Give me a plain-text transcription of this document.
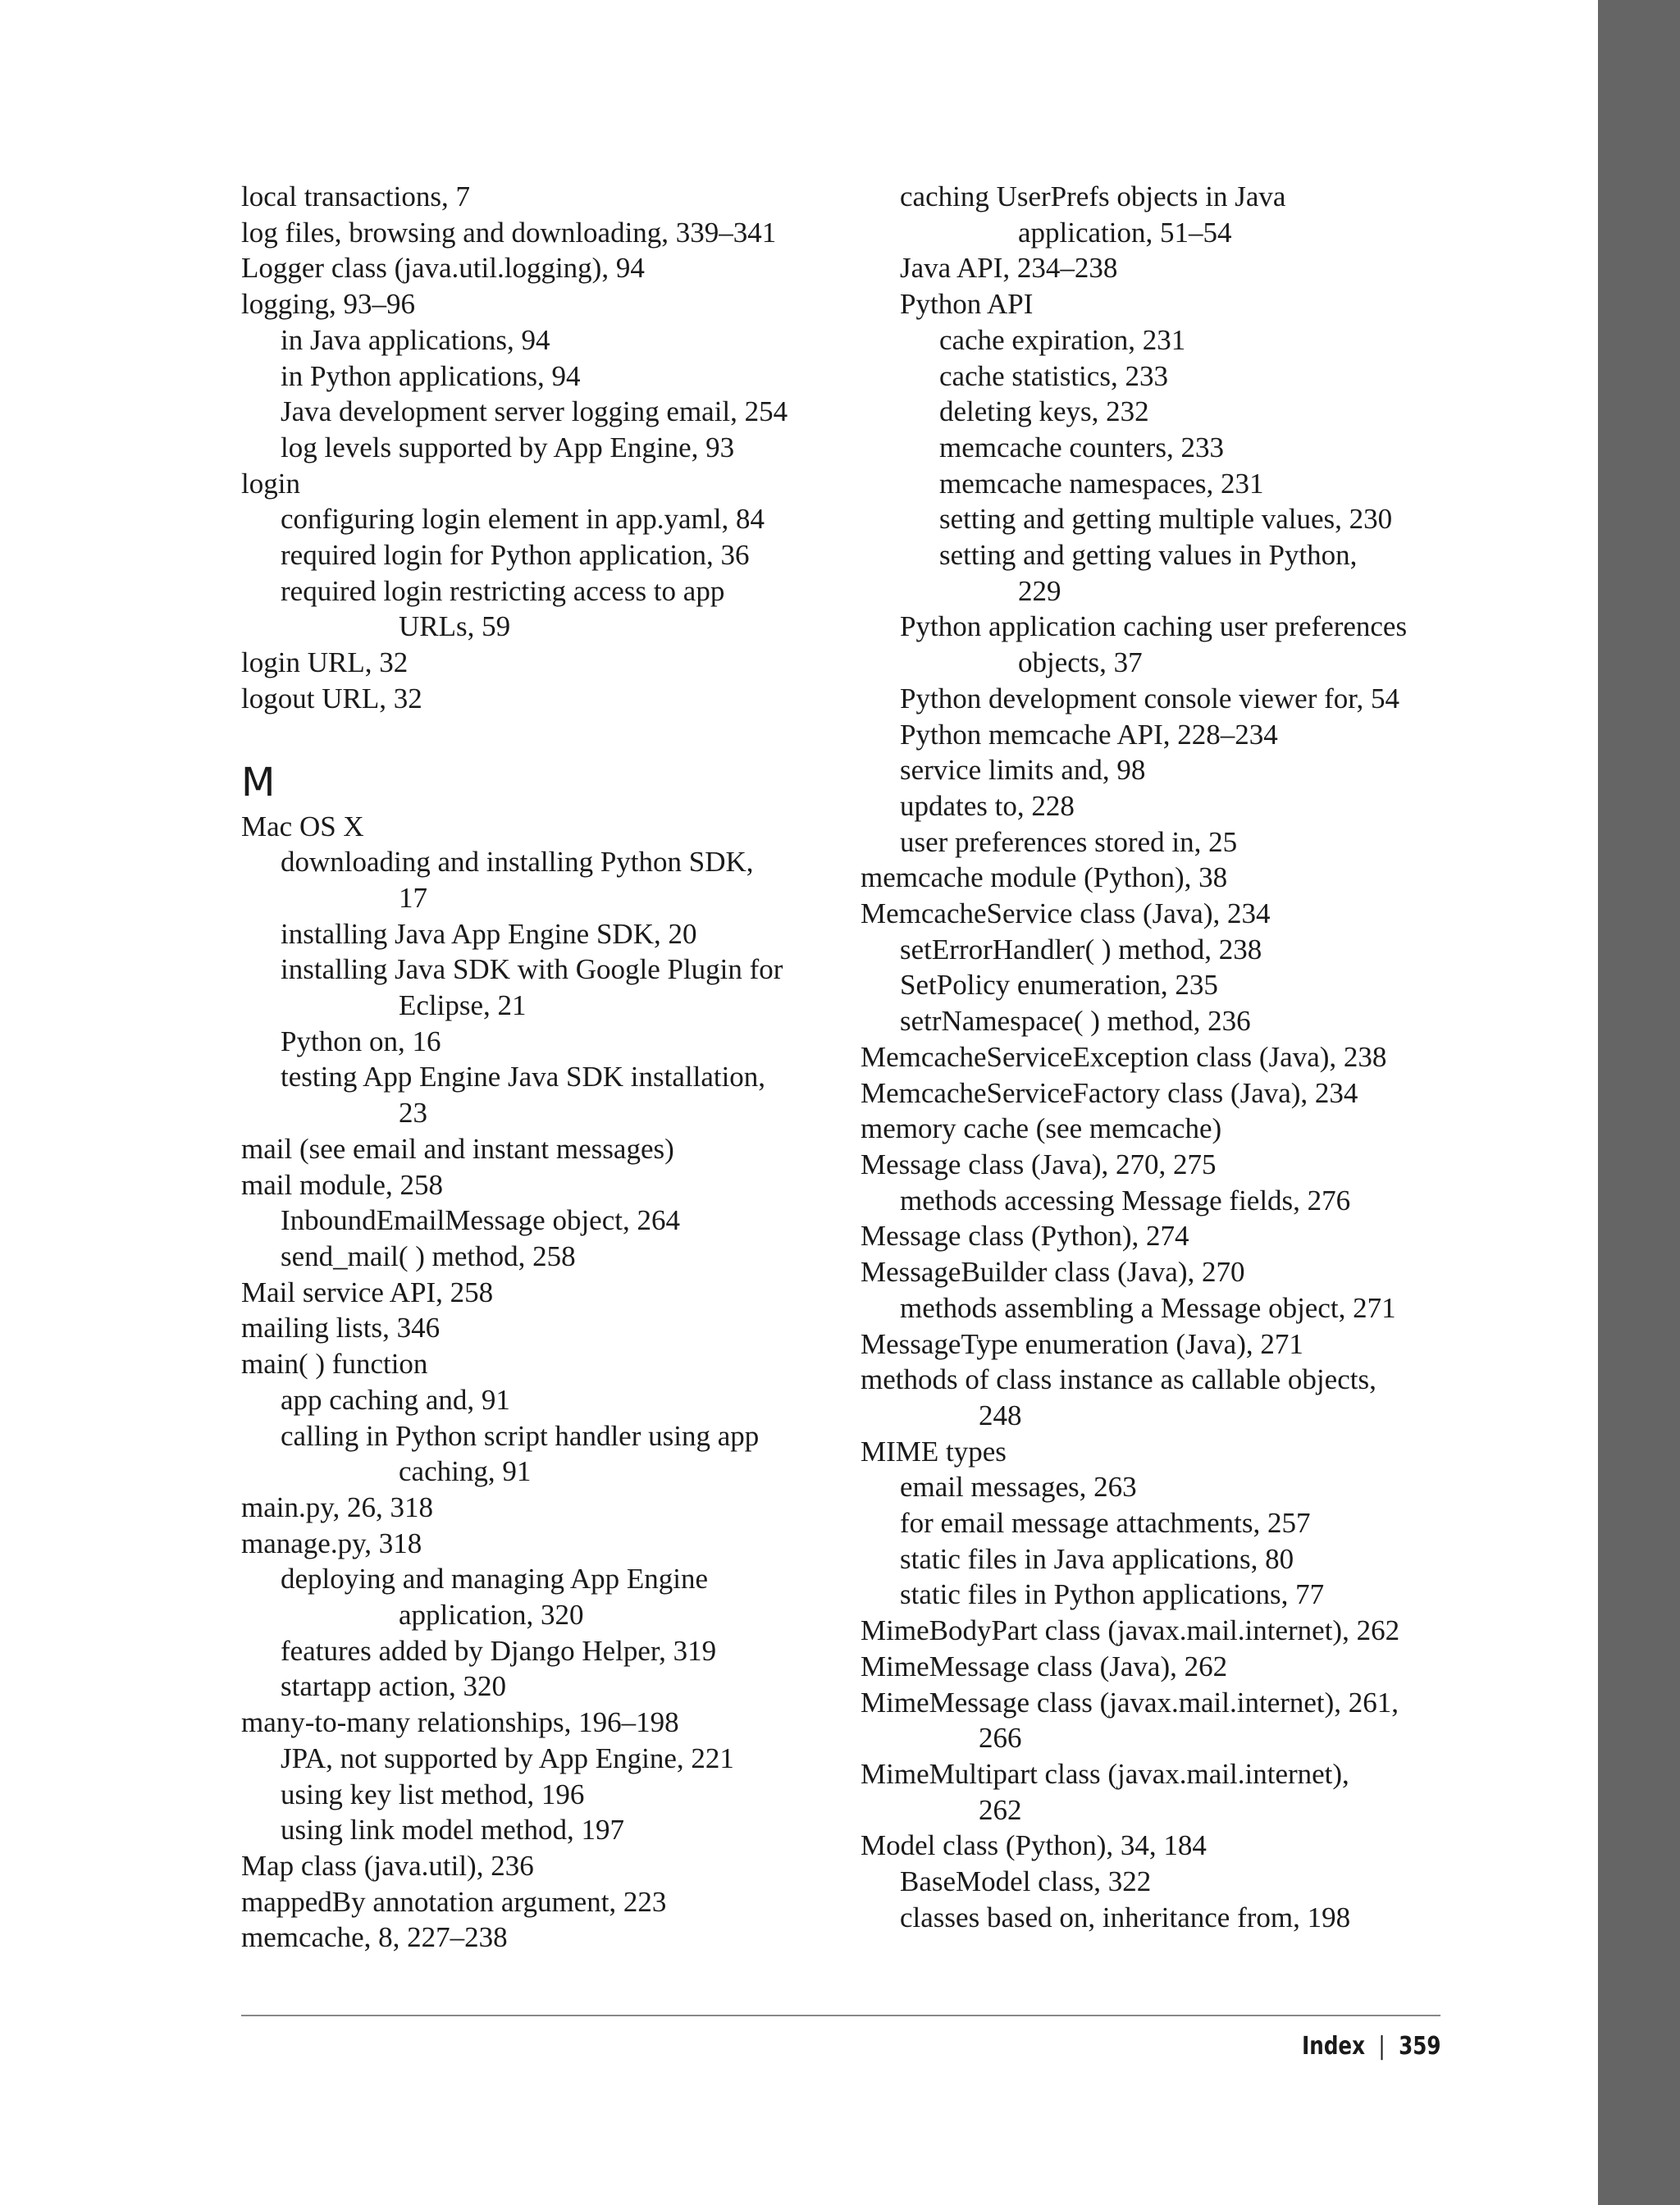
local transactions, 7
log files, browsing and downloading, 339–341
Logger class (java.util.logging), 94
logging, 93–96
in Java applications, 94
in Python applications, 94
Java development server logging email, 254
log levels supported by App Engine, 93
login
configuring login element in app.yaml, 84
required login for Python application, 36
required login restricting access to app
URLs, 59
login URL, 32
logout URL, 32
M
Mac OS X
downloading and installing Python SDK,
17
installing Java App Engine SDK, 20
installing Java SDK with Google Plugin for
Eclipse, 21
Python on, 16
testing App Engine Java SDK installation,
23
mail (see email and instant messages)
mail module, 258
InboundEmailMessage object, 264
send_mail( ) method, 258
Mail service API, 258
mailing lists, 346
main( ) function
app caching and, 91
calling in Python script handler using app
caching, 91
main.py, 26, 318
manage.py, 318
deploying and managing App Engine
application, 320
features added by Django Helper, 319
startapp action, 320
many-to-many relationships, 196–198
JPA, not supported by App Engine, 221
using key list method, 196
using link model method, 197
Map class (java.util), 236
mappedBy annotation argument, 223
memcache, 8, 227–238
caching UserPrefs objects in Java
application, 51–54
Java API, 234–238
Python API
cache expiration, 231
cache statistics, 233
deleting keys, 232
memcache counters, 233
memcache namespaces, 231
setting and getting multiple values, 230
setting and getting values in Python,
229
Python application caching user preferences
objects, 37
Python development console viewer for, 54
Python memcache API, 228–234
service limits and, 98
updates to, 228
user preferences stored in, 25
memcache module (Python), 38
MemcacheService class (Java), 234
setErrorHandler( ) method, 238
SetPolicy enumeration, 235
setrNamespace( ) method, 236
MemcacheServiceException class (Java), 238
MemcacheServiceFactory class (Java), 234
memory cache (see memcache)
Message class (Java), 270, 275
methods accessing Message fields, 276
Message class (Python), 274
MessageBuilder class (Java), 270
methods assembling a Message object, 271
MessageType enumeration (Java), 271
methods of class instance as callable objects,
248
MIME types
email messages, 263
for email message attachments, 257
static files in Java applications, 80
static files in Python applications, 77
MimeBodyPart class (javax.mail.internet), 262
MimeMessage class (Java), 262
MimeMessage class (javax.mail.internet), 261,
266
MimeMultipart class (javax.mail.internet),
262
Model class (Python), 34, 184
BaseModel class, 322
classes based on, inheritance from, 198
Index | 359
